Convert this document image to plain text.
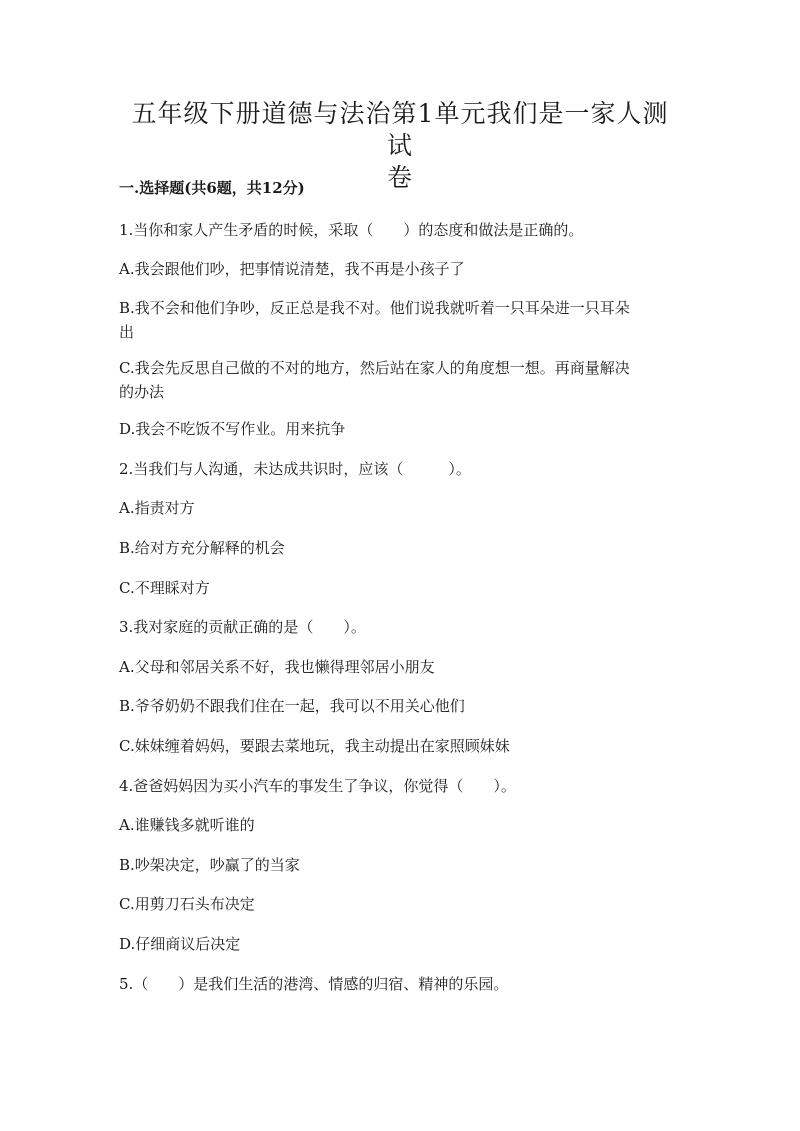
五年级下册道德与法治第1单元我们是一家人测试
卷

一.选择题(共6题，共12分)

1.当你和家人产生矛盾的时候，采取（　　）的态度和做法是正确的。

A.我会跟他们吵，把事情说清楚，我不再是小孩子了

B.我不会和他们争吵，反正总是我不对。他们说我就听着一只耳朵进一只耳朵

出

C.我会先反思自己做的不对的地方，然后站在家人的角度想一想。再商量解决

的办法

D.我会不吃饭不写作业。用来抗争

2.当我们与人沟通，未达成共识时，应该（　　　）。

A.指责对方

B.给对方充分解释的机会

C.不理睬对方

3.我对家庭的贡献正确的是（　　）。

A.父母和邻居关系不好，我也懒得理邻居小朋友

B.爷爷奶奶不跟我们住在一起，我可以不用关心他们

C.妹妹缠着妈妈，要跟去菜地玩，我主动提出在家照顾妹妹

4.爸爸妈妈因为买小汽车的事发生了争议，你觉得（　　）。

A.谁赚钱多就听谁的

B.吵架决定，吵赢了的当家

C.用剪刀石头布决定

D.仔细商议后决定

5.（　　）是我们生活的港湾、情感的归宿、精神的乐园。
